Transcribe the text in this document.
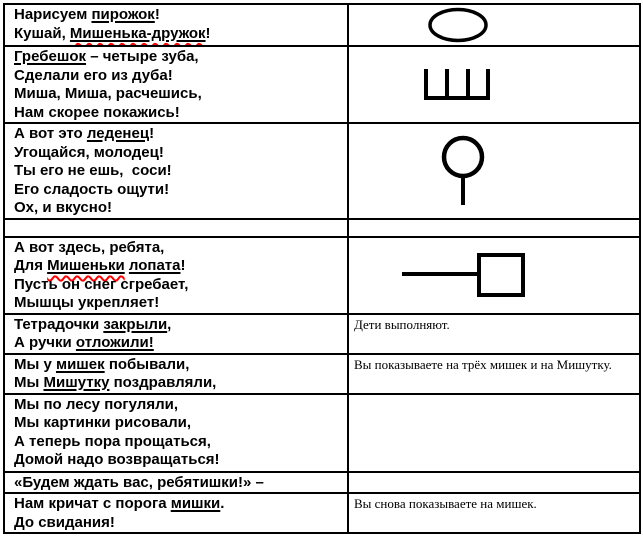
Нарисуем пирожок!
Кушай, Мишенька-дружок!

Гребешок – четыре зуба,
Сделали его из дуба!
Миша, Миша, расчешись,
Нам скорее покажись!

А вот это леденец!
Угощайся, молодец!
Ты его не ешь,  соси!
Его сладость ощути!
Ох, и вкусно!

А вот здесь, ребята,
Для Мишеньки лопата!
Пусть он снег сгребает,
Мышцы укрепляет!

Тетрадочки закрыли,
А ручки отложили!	Дети выполняют.

Мы у мишек побывали,
Мы Мишутку поздравляли,	Вы показываете на трёх мишек и на Мишутку.

Мы по лесу погуляли,
Мы картинки рисовали,
А теперь пора прощаться,
Домой надо возвращаться!	

«Будем ждать вас, ребятишки!» –	

Нам кричат с порога мишки.
До свидания!	Вы снова показываете на мишек.
